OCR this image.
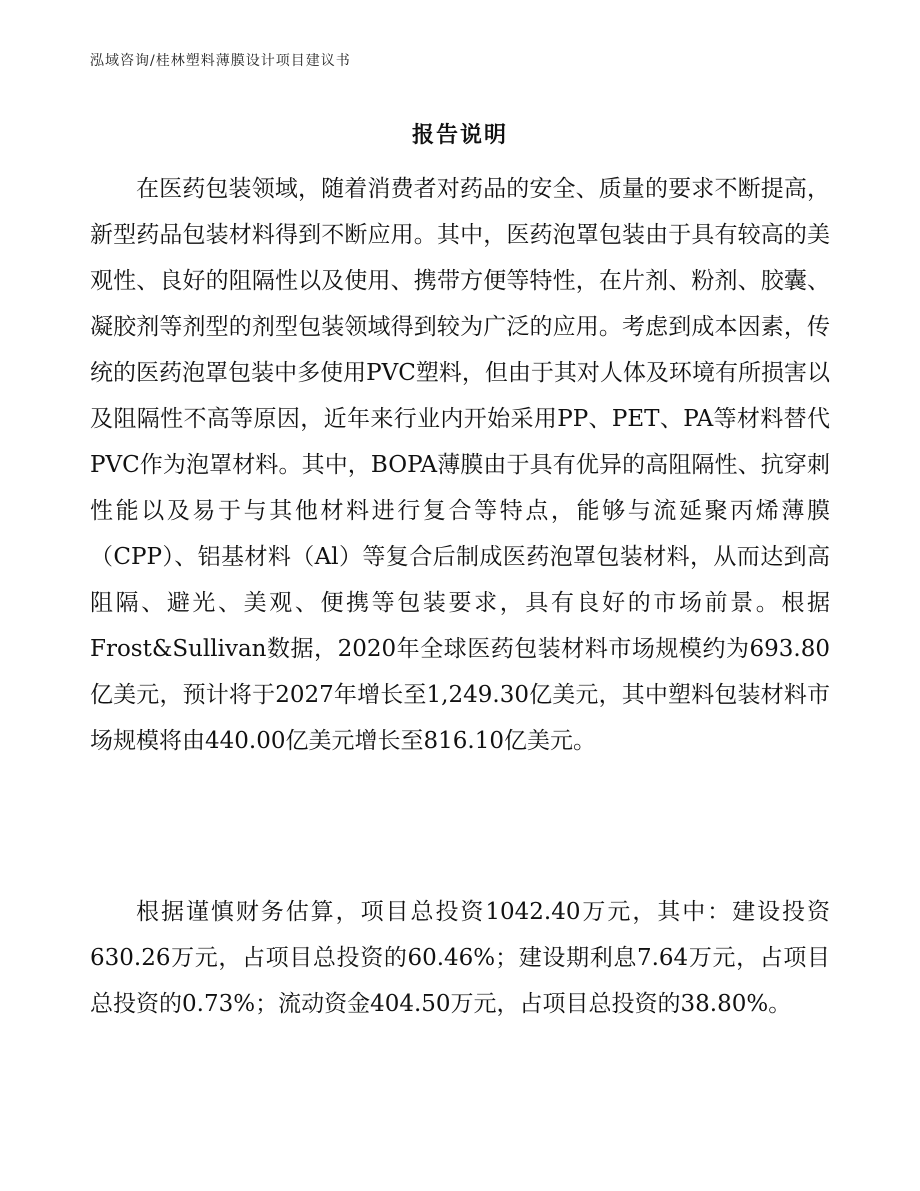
泓域咨询/桂林塑料薄膜设计项目建议书
报告说明

在医药包装领域，随着消费者对药品的安全、质量的要求不断提高，新型药品包装材料得到不断应用。其中，医药泡罩包装由于具有较高的美观性、良好的阻隔性以及使用、携带方便等特性，在片剂、粉剂、胶囊、凝胶剂等剂型的剂型包装领域得到较为广泛的应用。考虑到成本因素，传统的医药泡罩包装中多使用PVC塑料，但由于其对人体及环境有所损害以及阻隔性不高等原因，近年来行业内开始采用PP、PET、PA等材料替代PVC作为泡罩材料。其中，BOPA薄膜由于具有优异的高阻隔性、抗穿刺性能以及易于与其他材料进行复合等特点，能够与流延聚丙烯薄膜（CPP）、铝基材料（Al）等复合后制成医药泡罩包装材料，从而达到高阻隔、避光、美观、便携等包装要求，具有良好的市场前景。根据Frost&Sullivan数据，2020年全球医药包装材料市场规模约为693.80亿美元，预计将于2027年增长至1,249.30亿美元，其中塑料包装材料市场规模将由440.00亿美元增长至816.10亿美元。

根据谨慎财务估算，项目总投资1042.40万元，其中：建设投资630.26万元，占项目总投资的60.46%；建设期利息7.64万元，占项目总投资的0.73%；流动资金404.50万元，占项目总投资的38.80%。
